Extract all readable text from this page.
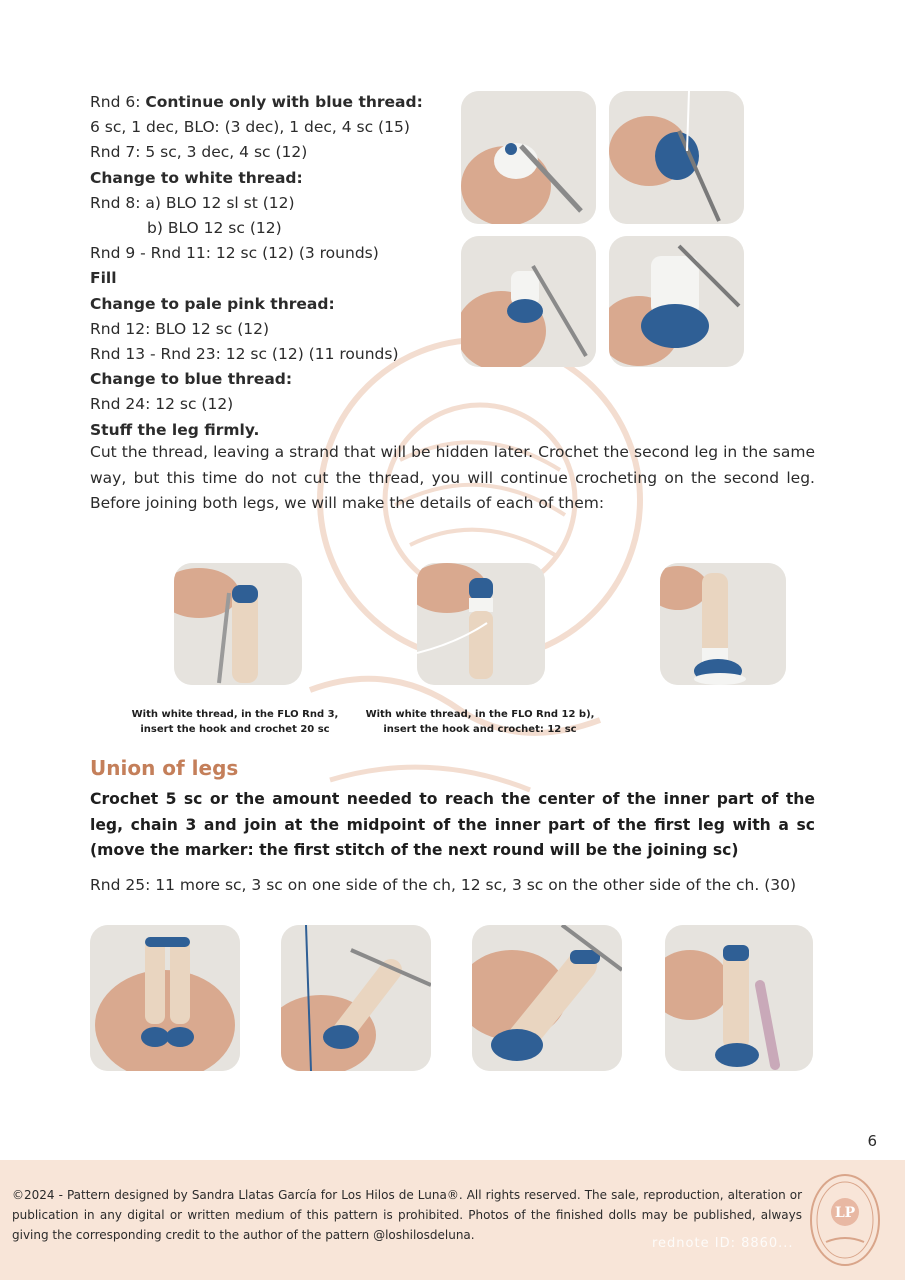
Rnd 6: Continue only with blue thread:
6 sc, 1 dec, BLO: (3 dec), 1 dec, 4 sc (15)
Rnd 7: 5 sc, 3 dec, 4 sc (12)
Change to white thread:
Rnd 8: a) BLO 12 sl st (12)
b) BLO 12 sc (12)
Rnd 9 - Rnd 11: 12 sc (12) (3 rounds)
Fill
Change to pale pink thread:
Rnd 12: BLO 12 sc (12)
Rnd 13 - Rnd 23: 12 sc (12) (11 rounds)
Change to blue thread:
Rnd 24: 12 sc (12)
Stuff the leg firmly.
Cut the thread, leaving a strand that will be hidden later. Crochet the second leg in the same way, but this time do not cut the thread, you will continue crocheting on the second leg. Before joining both legs, we will make the details of each of them:
With white thread, in the FLO Rnd 3,
insert the hook and crochet 20 sc
With white thread, in the FLO Rnd 12 b),
insert the hook and crochet: 12 sc
Union of legs
Crochet 5 sc or the amount needed to reach the center of the inner part of the leg, chain 3 and join at the midpoint of the inner part of the first leg with a sc (move the marker: the first stitch of the next round will be the joining sc)
Rnd 25: 11 more sc, 3 sc on one side of the ch, 12 sc, 3 sc on the other side of the ch. (30)
6
©2024 - Pattern designed by Sandra Llatas García for Los Hilos de Luna®. All rights reserved. The sale, reproduction, alteration or publication in any digital or written medium of this pattern is prohibited. Photos of the finished dolls may be published, always giving the corresponding credit to the author of the pattern @loshilosdeluna.
LP
rednote ID: 8860...
